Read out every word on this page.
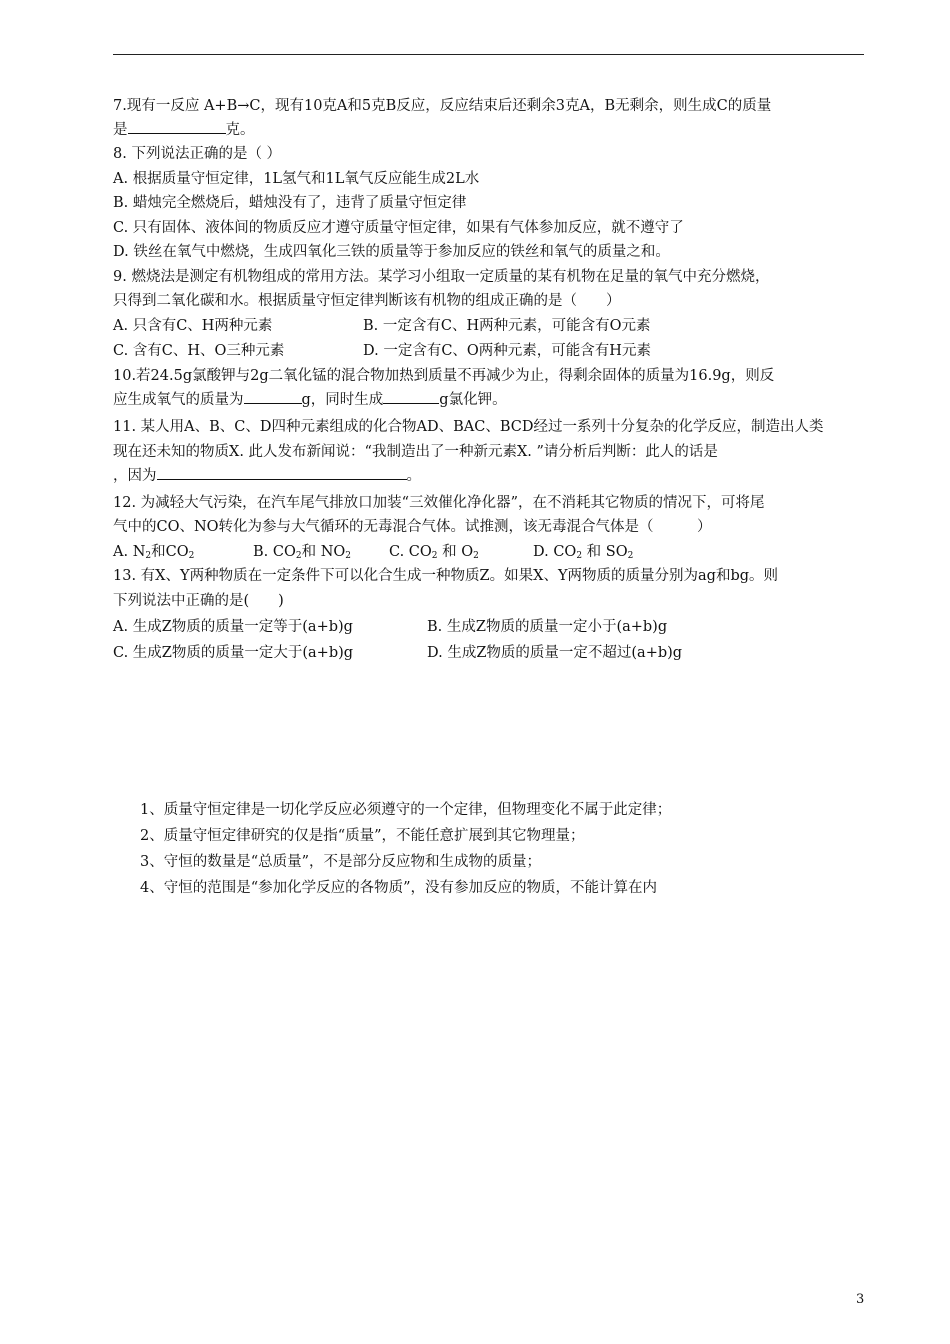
7.现有一反应 A+B→C，现有10克A和5克B反应，反应结束后还剩余3克A，B无剩余，则生成C的质量
是	克。
8. 下列说法正确的是（ ）
A. 根据质量守恒定律，1L氢气和1L氧气反应能生成2L水
B. 蜡烛完全燃烧后，蜡烛没有了，违背了质量守恒定律
C. 只有固体、液体间的物质反应才遵守质量守恒定律，如果有气体参加反应，就不遵守了
D. 铁丝在氧气中燃烧，生成四氧化三铁的质量等于参加反应的铁丝和氧气的质量之和。
9. 燃烧法是测定有机物组成的常用方法。某学习小组取一定质量的某有机物在足量的氧气中充分燃烧，
只得到二氧化碳和水。根据质量守恒定律判断该有机物的组成正确的是（　　）
A. 只含有C、H两种元素	B. 一定含有C、H两种元素，可能含有O元素
C. 含有C、H、O三种元素	D. 一定含有C、O两种元素，可能含有H元素
10.若24.5g氯酸钾与2g二氧化锰的混合物加热到质量不再减少为止，得剩余固体的质量为16.9g，则反
应生成氧气的质量为	g，同时生成	g氯化钾。
11. 某人用A、B、C、D四种元素组成的化合物AD、BAC、BCD经过一系列十分复杂的化学反应，制造出人类
现在还未知的物质X. 此人发布新闻说：“我制造出了一种新元素X. ”请分析后判断：此人的话是
，因为	。
12. 为减轻大气污染，在汽车尾气排放口加装“三效催化净化器”，在不消耗其它物质的情况下，可将尾
气中的CO、NO转化为参与大气循环的无毒混合气体。试推测，该无毒混合气体是（　　　）
A. $N_2$和$CO_2$	B. $CO_2$和 $NO_2$	C. $CO_2$ 和 $O_2$	D. $CO_2$ 和 $SO_2$
13. 有X、Y两种物质在一定条件下可以化合生成一种物质Z。如果X、Y两物质的质量分别为ag和bg。则
下列说法中正确的是(　　)
A. 生成Z物质的质量一定等于(a+b)g	B. 生成Z物质的质量一定小于(a+b)g
C. 生成Z物质的质量一定大于(a+b)g	D. 生成Z物质的质量一定不超过(a+b)g
1、质量守恒定律是一切化学反应必须遵守的一个定律，但物理变化不属于此定律；
2、质量守恒定律研究的仅是指“质量”，不能任意扩展到其它物理量；
3、守恒的数量是“总质量”，不是部分反应物和生成物的质量；
4、守恒的范围是“参加化学反应的各物质”，没有参加反应的物质，不能计算在内
3
